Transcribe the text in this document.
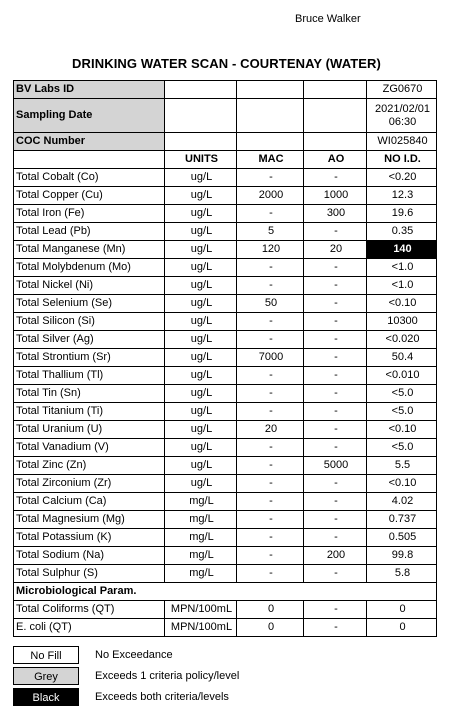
Bruce Walker
DRINKING WATER SCAN - COURTENAY (WATER)
BV Labs ID				ZG0670
Sampling Date				2021/02/01
06:30
COC Number				WI025840
	UNITS	MAC	AO	NO I.D.
Total Cobalt (Co)	ug/L	-	-	<0.20
Total Copper (Cu)	ug/L	2000	1000	12.3
Total Iron (Fe)	ug/L	-	300	19.6
Total Lead (Pb)	ug/L	5	-	0.35
Total Manganese (Mn)	ug/L	120	20	140
Total Molybdenum (Mo)	ug/L	-	-	<1.0
Total Nickel (Ni)	ug/L	-	-	<1.0
Total Selenium (Se)	ug/L	50	-	<0.10
Total Silicon (Si)	ug/L	-	-	10300
Total Silver (Ag)	ug/L	-	-	<0.020
Total Strontium (Sr)	ug/L	7000	-	50.4
Total Thallium (Tl)	ug/L	-	-	<0.010
Total Tin (Sn)	ug/L	-	-	<5.0
Total Titanium (Ti)	ug/L	-	-	<5.0
Total Uranium (U)	ug/L	20	-	<0.10
Total Vanadium (V)	ug/L	-	-	<5.0
Total Zinc (Zn)	ug/L	-	5000	5.5
Total Zirconium (Zr)	ug/L	-	-	<0.10
Total Calcium (Ca)	mg/L	-	-	4.02
Total Magnesium (Mg)	mg/L	-	-	0.737
Total Potassium (K)	mg/L	-	-	0.505
Total Sodium (Na)	mg/L	-	200	99.8
Total Sulphur (S)	mg/L	-	-	5.8
Microbiological Param.				
Total Coliforms (QT)	MPN/100mL	0	-	0
E. coli (QT)	MPN/100mL	0	-	0
No Fill	No Exceedance
Grey	Exceeds 1 criteria policy/level
Black	Exceeds both criteria/levels
